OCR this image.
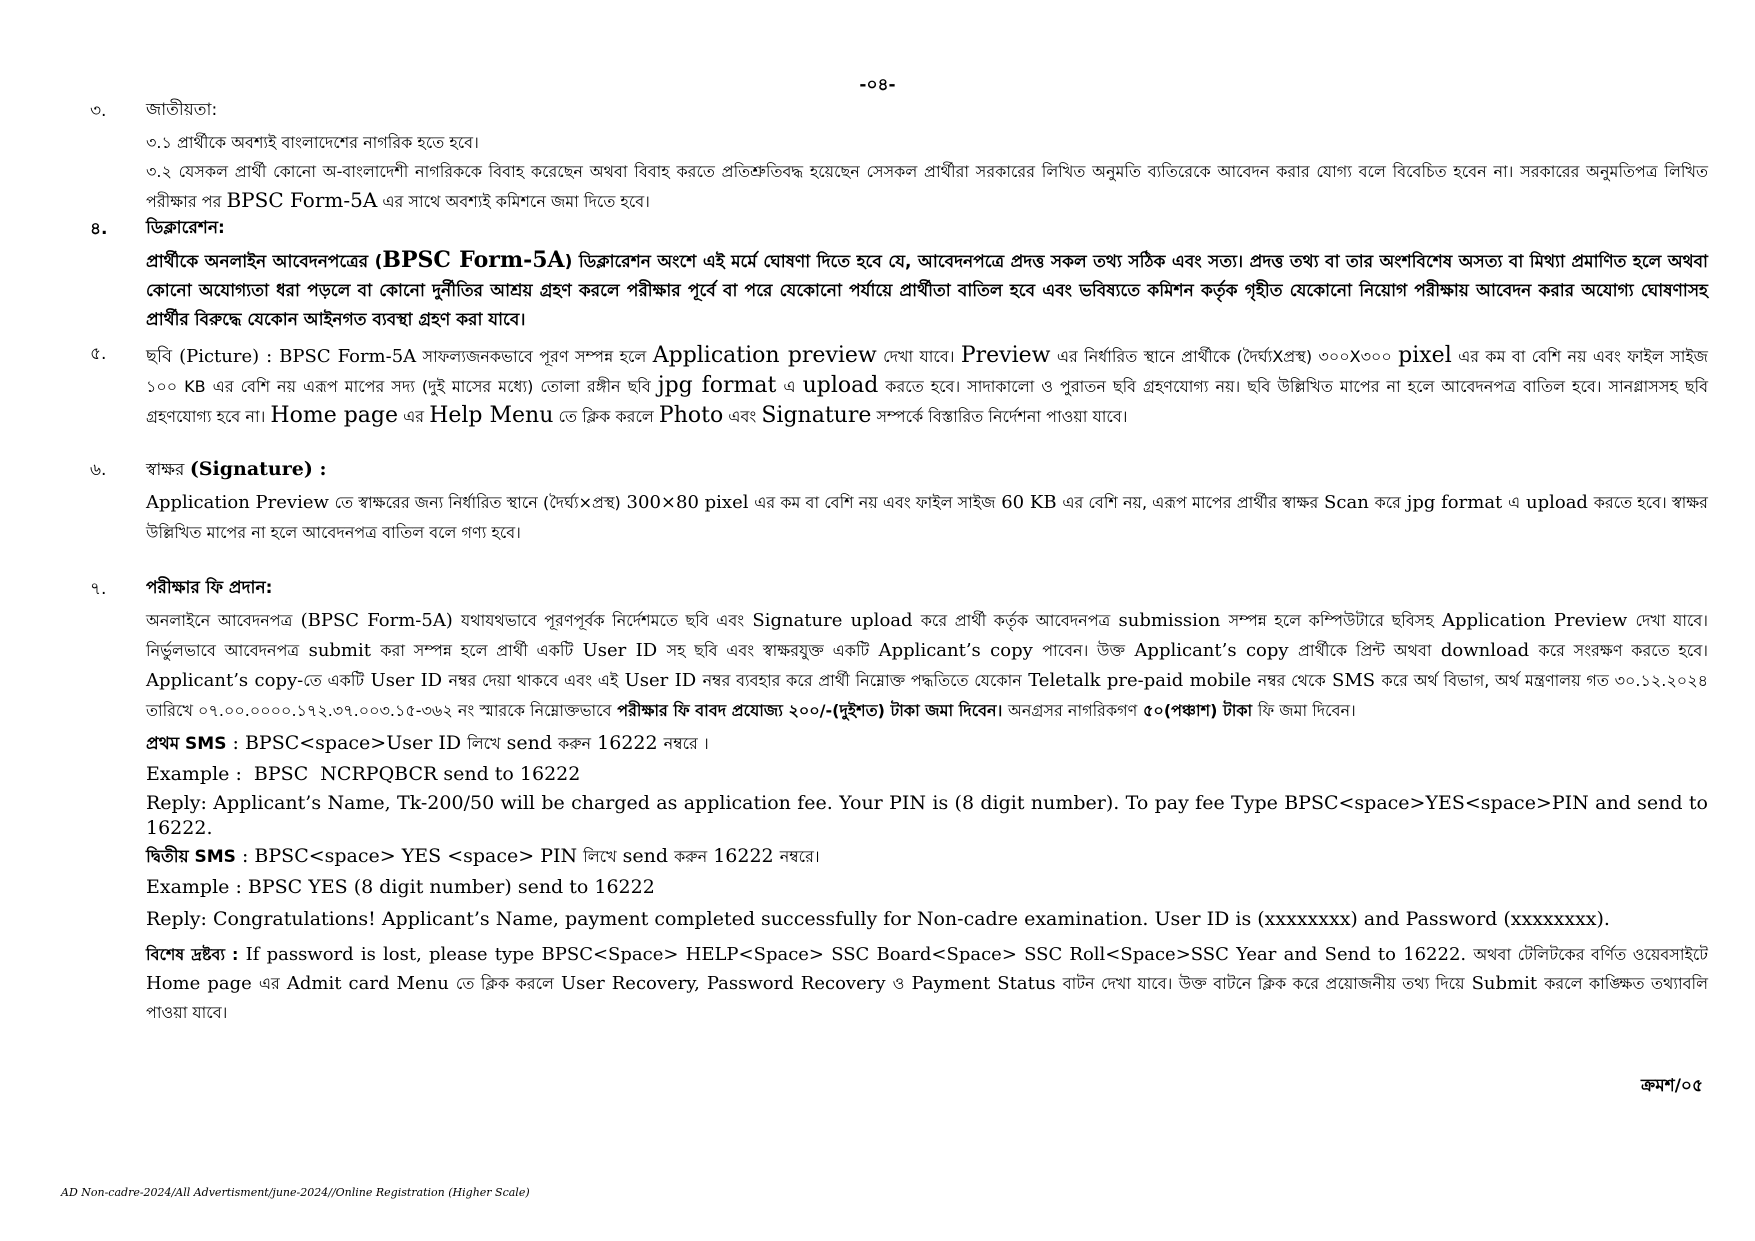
-০৪-
৩. জাতীয়তা:

৩.১ প্রার্থীকে অবশ্যই বাংলাদেশের নাগরিক হতে হবে।

৩.২ যেসকল প্রার্থী কোনো অ-বাংলাদেশী নাগরিককে বিবাহ করেছেন অথবা বিবাহ করতে প্রতিশ্রুতিবদ্ধ হয়েছেন সেসকল প্রার্থীরা সরকারের লিখিত অনুমতি ব্যতিরেকে আবেদন করার যোগ্য বলে বিবেচিত হবেন না। সরকারের অনুমতিপত্র লিখিত পরীক্ষার পর BPSC Form-5A এর সাথে অবশ্যই কমিশনে জমা দিতে হবে।

৪. ডিক্লারেশন:

প্রার্থীকে অনলাইন আবেদনপত্রের (BPSC Form-5A) ডিক্লারেশন অংশে এই মর্মে ঘোষণা দিতে হবে যে, আবেদনপত্রে প্রদত্ত সকল তথ্য সঠিক এবং সত্য। প্রদত্ত তথ্য বা তার অংশবিশেষ অসত্য বা মিথ্যা প্রমাণিত হলে অথবা কোনো অযোগ্যতা ধরা পড়লে বা কোনো দুর্নীতির আশ্রয় গ্রহণ করলে পরীক্ষার পূর্বে বা পরে যেকোনো পর্যায়ে প্রার্থীতা বাতিল হবে এবং ভবিষ্যতে কমিশন কর্তৃক গৃহীত যেকোনো নিয়োগ পরীক্ষায় আবেদন করার অযোগ্য ঘোষণাসহ প্রার্থীর বিরুদ্ধে যেকোন আইনগত ব্যবস্থা গ্রহণ করা যাবে।

৫. ছবি (Picture) : BPSC Form-5A সাফল্যজনকভাবে পূরণ সম্পন্ন হলে Application preview দেখা যাবে। Preview এর নির্ধারিত স্থানে প্রার্থীকে (দৈর্ঘ্যXপ্রস্থ) ৩০০X৩০০ pixel এর কম বা বেশি নয় এবং ফাইল সাইজ ১০০ KB এর বেশি নয় এরূপ মাপের সদ্য (দুই মাসের মধ্যে) তোলা রঙ্গীন ছবি jpg format এ upload করতে হবে। সাদাকালো ও পুরাতন ছবি গ্রহণযোগ্য নয়। ছবি উল্লিখিত মাপের না হলে আবেদনপত্র বাতিল হবে। সানগ্লাসসহ ছবি গ্রহণযোগ্য হবে না। Home page এর Help Menu তে ক্লিক করলে Photo এবং Signature সম্পর্কে বিস্তারিত নির্দেশনা পাওয়া যাবে।

৬. স্বাক্ষর (Signature) :

Application Preview তে স্বাক্ষরের জন্য নির্ধারিত স্থানে (দৈর্ঘ্য×প্রস্থ) 300×80 pixel এর কম বা বেশি নয় এবং ফাইল সাইজ 60 KB এর বেশি নয়, এরূপ মাপের প্রার্থীর স্বাক্ষর Scan করে jpg format এ upload করতে হবে। স্বাক্ষর উল্লিখিত মাপের না হলে আবেদনপত্র বাতিল বলে গণ্য হবে।

৭. পরীক্ষার ফি প্রদান:

অনলাইনে আবেদনপত্র (BPSC Form-5A) যথাযথভাবে পূরণপূর্বক নির্দেশমতে ছবি এবং Signature upload করে প্রার্থী কর্তৃক আবেদনপত্র submission সম্পন্ন হলে কম্পিউটারে ছবিসহ Application Preview দেখা যাবে। নির্ভুলভাবে আবেদনপত্র submit করা সম্পন্ন হলে প্রার্থী একটি User ID সহ ছবি এবং স্বাক্ষরযুক্ত একটি Applicant’s copy পাবেন। উক্ত Applicant’s copy প্রার্থীকে প্রিন্ট অথবা download করে সংরক্ষণ করতে হবে। Applicant’s copy-তে একটি User ID নম্বর দেয়া থাকবে এবং এই User ID নম্বর ব্যবহার করে প্রার্থী নিম্নোক্ত পদ্ধতিতে যেকোন Teletalk pre-paid mobile নম্বর থেকে SMS করে অর্থ বিভাগ, অর্থ মন্ত্রণালয় গত ৩০.১২.২০২৪ তারিখে ০৭.০০.০০০০.১৭২.৩৭.০০৩.১৫-৩৬২ নং স্মারকে নিম্নোক্তভাবে পরীক্ষার ফি বাবদ প্রযোজ্য ২০০/-(দুইশত) টাকা জমা দিবেন। অনগ্রসর নাগরিকগণ ৫০(পঞ্চাশ) টাকা ফি জমা দিবেন।

প্রথম SMS : BPSC<space>User ID লিখে send করুন 16222 নম্বরে ।

Example :  BPSC  NCRPQBCR send to 16222

Reply: Applicant’s Name, Tk-200/50 will be charged as application fee. Your PIN is (8 digit number). To pay fee Type BPSC<space>YES<space>PIN and send to 16222.

দ্বিতীয় SMS : BPSC<space> YES <space> PIN লিখে send করুন 16222 নম্বরে।

Example : BPSC YES (8 digit number) send to 16222

Reply: Congratulations! Applicant’s Name, payment completed successfully for Non-cadre examination. User ID is (xxxxxxxx) and Password (xxxxxxxx).

বিশেষ দ্রষ্টব্য : If password is lost, please type BPSC<Space> HELP<Space> SSC Board<Space> SSC Roll<Space>SSC Year and Send to 16222. অথবা টেলিটকের বর্ণিত ওয়েবসাইটে Home page এর Admit card Menu তে ক্লিক করলে User Recovery, Password Recovery ও Payment Status বাটন দেখা যাবে। উক্ত বাটনে ক্লিক করে প্রয়োজনীয় তথ্য দিয়ে Submit করলে কাঙ্ক্ষিত তথ্যাবলি পাওয়া যাবে।

ক্রমশ/০৫
AD Non-cadre-2024/All Advertisment/june-2024//Online Registration (Higher Scale)
